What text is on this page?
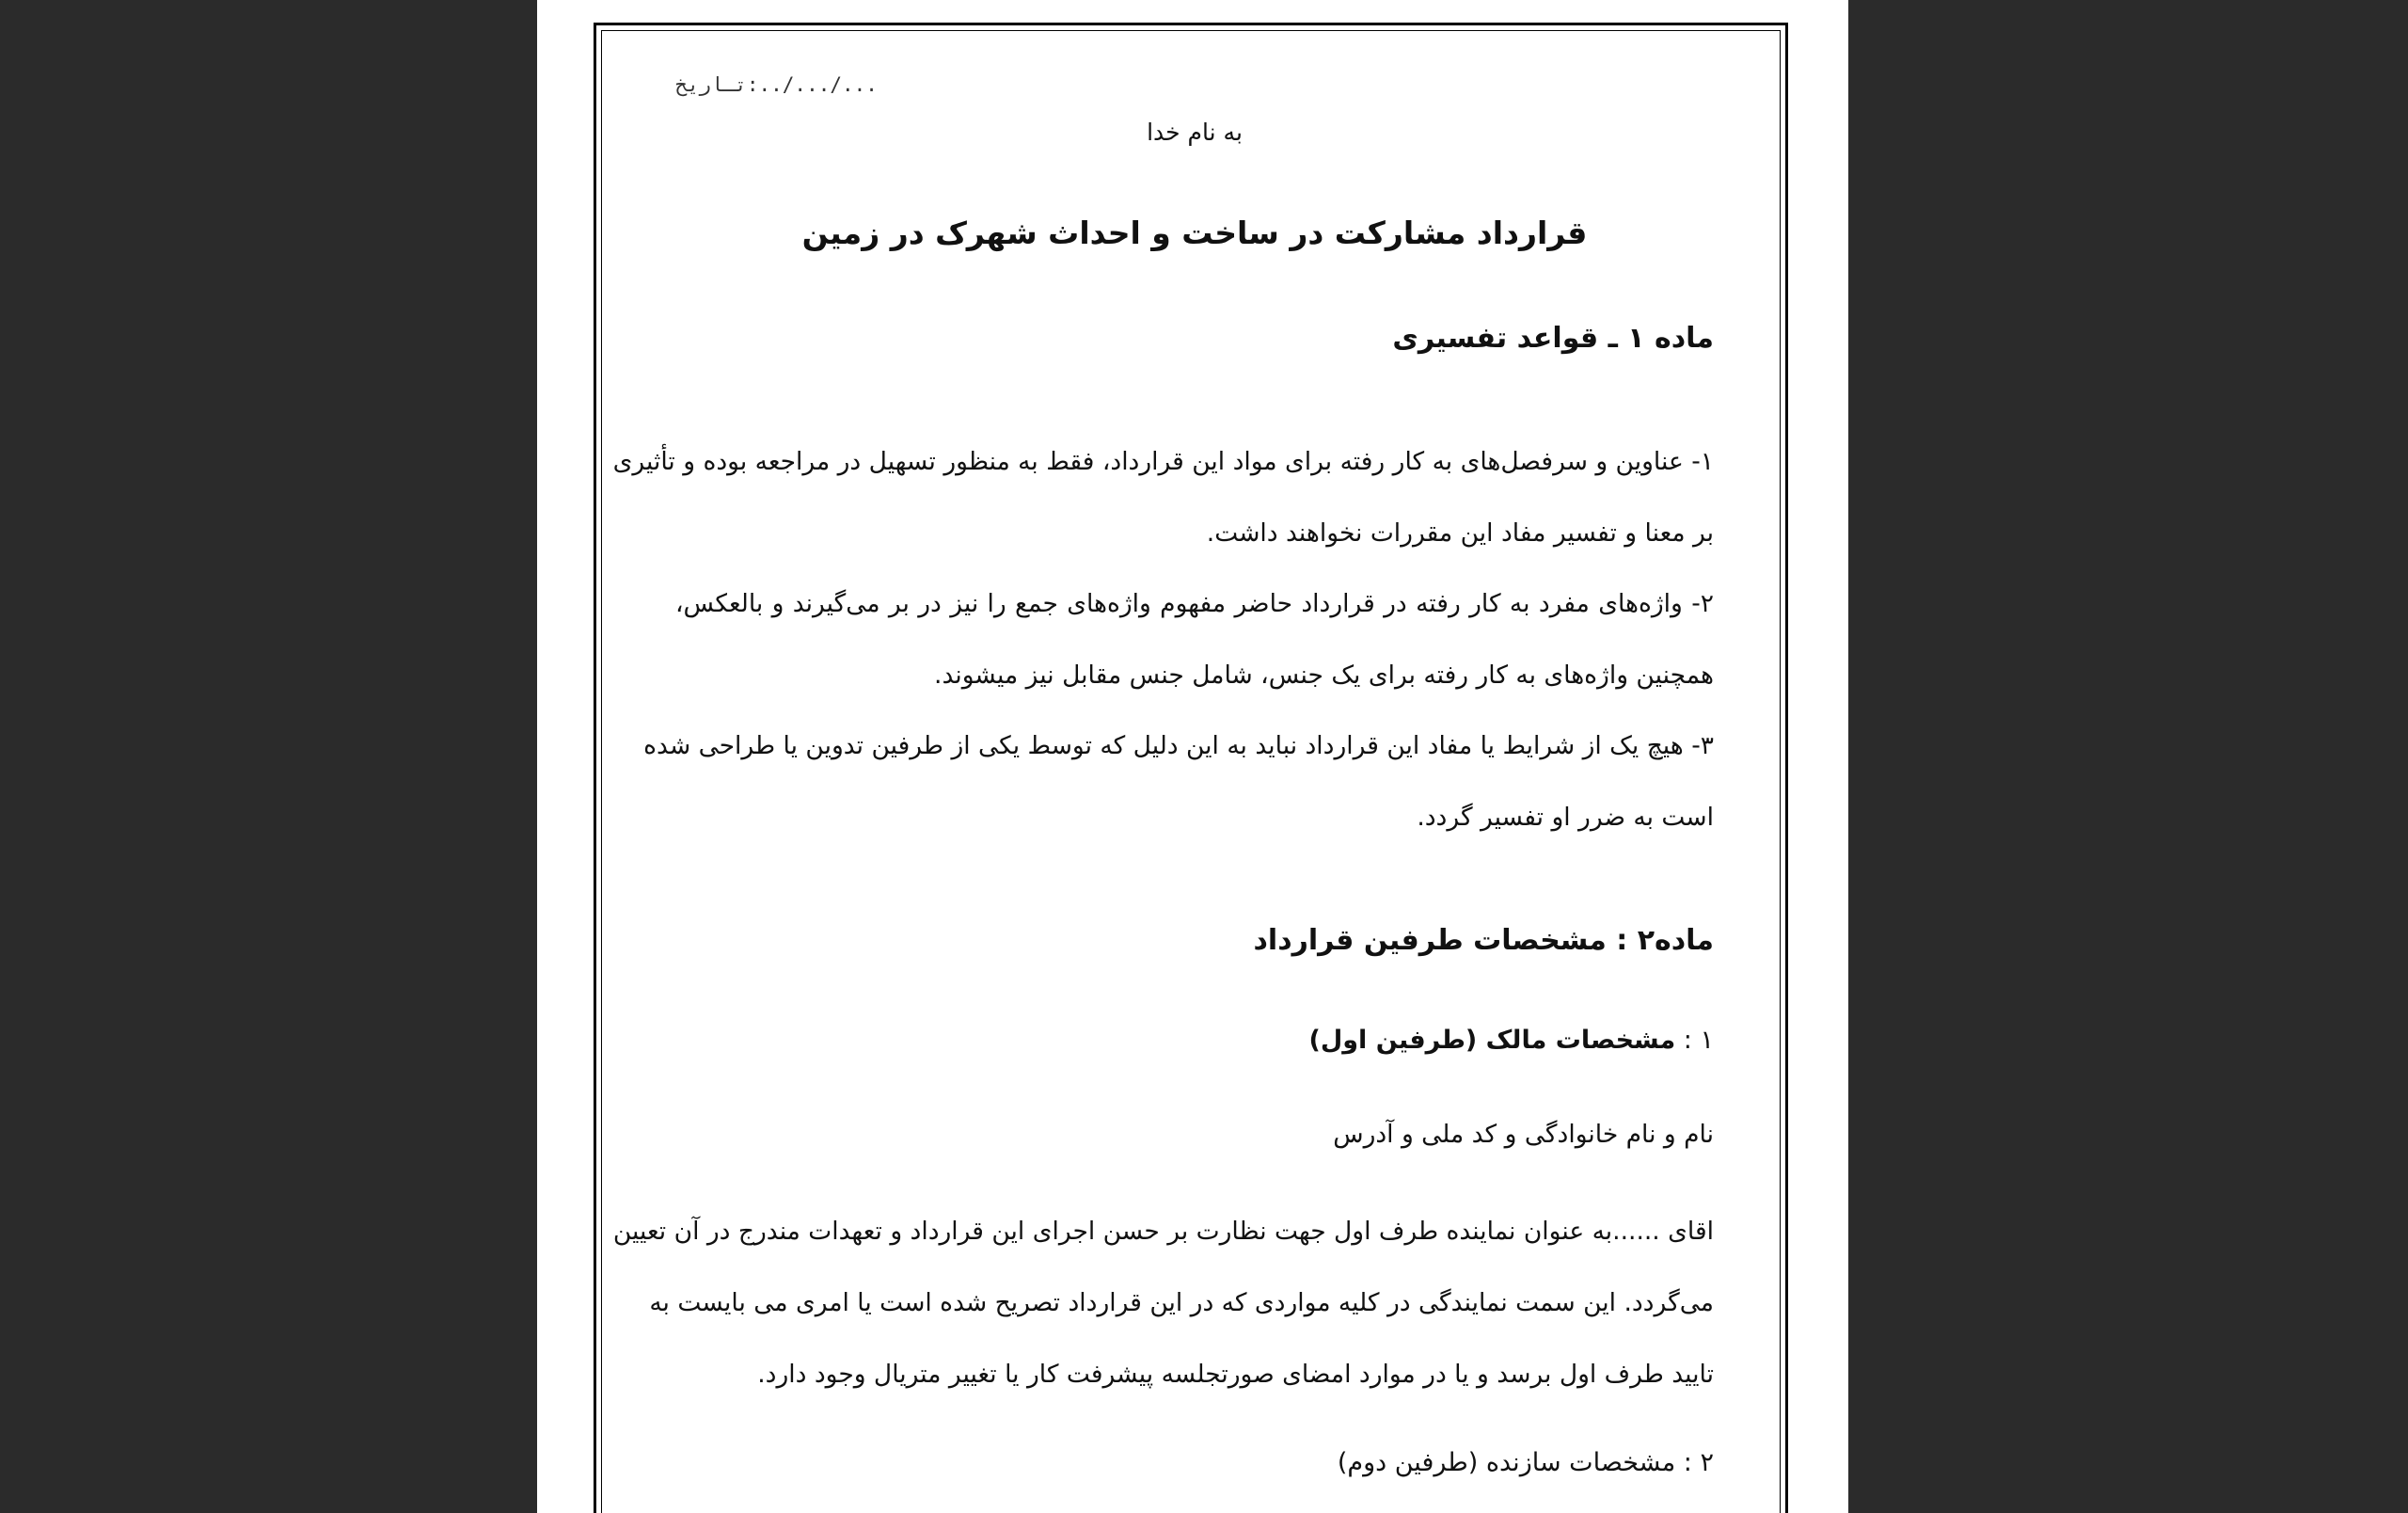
تـاریخ:../.../...
به نام خدا
قرارداد مشارکت در ساخت و احداث شهرک در زمین
ماده ۱ ـ قواعد تفسیری
۱- عناوین و سرفصل‌های به کار رفته برای مواد این قرارداد، فقط به منظور تسهیل در مراجعه بوده و تأثیری
بر معنا و تفسیر مفاد این مقررات نخواهند داشت.
۲- واژه‌های مفرد به کار رفته در قرارداد حاضر مفهوم واژه‌های جمع را نیز در بر می‌گیرند و بالعکس،
همچنین واژه‌های به کار رفته برای یک جنس، شامل جنس مقابل نیز میشوند.
۳- هیچ یک از شرایط یا مفاد این قرارداد نباید به این دلیل که توسط یکی از طرفین تدوین یا طراحی شده
است به ضرر او تفسیر گردد.
ماده۲ : مشخصات طرفین قرارداد
۱ : مشخصات مالک (طرفین اول)
نام و نام خانوادگی و کد ملی و آدرس
اقای ......به عنوان نماینده طرف اول جهت نظارت بر حسن اجرای این قرارداد و تعهدات مندرج در آن تعیین
می‌گردد. این سمت نمایندگی در کلیه مواردی که در این قرارداد تصریح شده است یا امری می بایست به
تایید طرف اول برسد و یا در موارد امضای صورتجلسه پیشرفت کار یا تغییر متریال وجود دارد.
۲ : مشخصات سازنده (طرفین دوم)
